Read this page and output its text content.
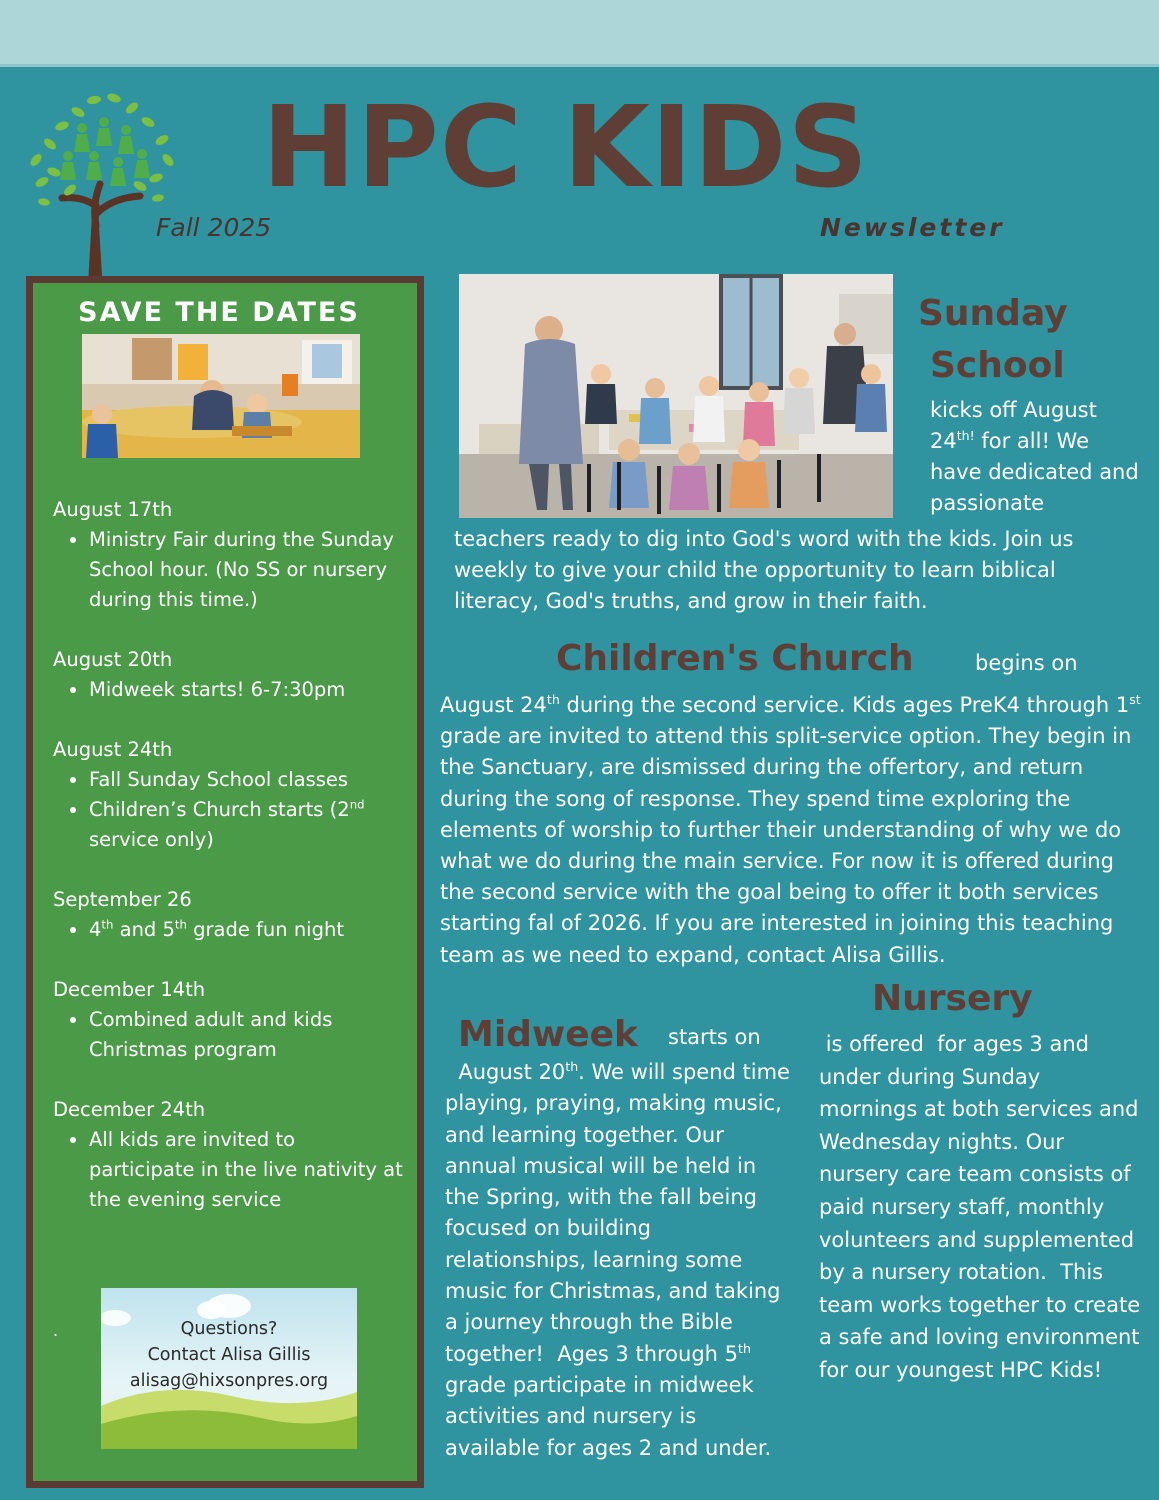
HPC KIDS
Fall 2025	Newsletter
SAVE THE DATES
August 17th
• Ministry Fair during the Sunday School hour. (No SS or nursery during this time.)
August 20th
• Midweek starts! 6-7:30pm
August 24th
• Fall Sunday School classes
• Children’s Church starts (2nd service only)
September 26
• 4th and 5th grade fun night
December 14th
• Combined adult and kids Christmas program
December 24th
• All kids are invited to participate in the live nativity at the evening service
.	Questions?
Contact Alisa Gillis
alisag@hixsonpres.org
Sunday
School
kicks off August $24^{th!}$ for all! We have dedicated and passionate
teachers ready to dig into God's word with the kids. Join us weekly to give your child the opportunity to learn biblical literacy, God's truths, and grow in their faith.
Children's Church	begins on
August 24th during the second service. Kids ages PreK4 through 1st grade are invited to attend this split-service option. They begin in the Sanctuary, are dismissed during the offertory, and return during the song of response. They spend time exploring the elements of worship to further their understanding of why we do what we do during the main service. For now it is offered during the second service with the goal being to offer it both services starting fal of 2026. If you are interested in joining this teaching team as we need to expand, contact Alisa Gillis.
Midweek starts on
August 20th. We will spend time playing, praying, making music, and learning together. Our annual musical will be held in the Spring, with the fall being focused on building relationships, learning some music for Christmas, and taking a journey through the Bible together!  Ages 3 through 5th grade participate in midweek activities and nursery is available for ages 2 and under.
Nursery
is offered  for ages 3 and under during Sunday mornings at both services and Wednesday nights. Our nursery care team consists of paid nursery staff, monthly volunteers and supplemented by a nursery rotation.  This team works together to create a safe and loving environment for our youngest HPC Kids!
